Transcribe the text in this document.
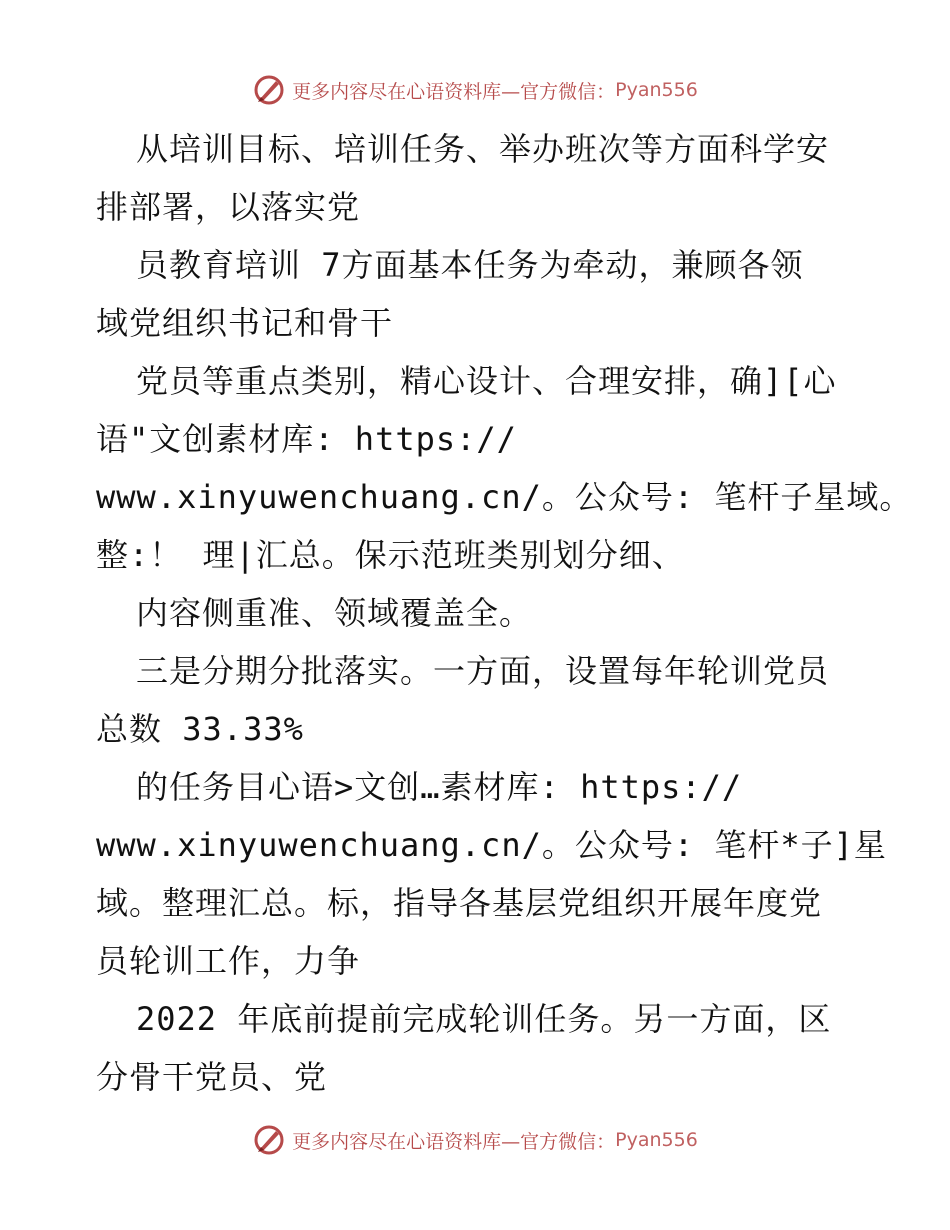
更多内容尽在心语资料库—官方微信： Pyan556
从培训目标、培训任务、举办班次等方面科学安
排部署，以落实党
员教育培训 7方面基本任务为牵动，兼顾各领
域党组织书记和骨干
党员等重点类别，精心设计、合理安排，确][心
语"文创素材库: https://
www.xinyuwenchuang.cn/。公众号: 笔杆子星域。
整:！ 理|汇总。保示范班类别划分细、
内容侧重准、领域覆盖全。
三是分期分批落实。一方面，设置每年轮训党员
总数 33.33%
的任务目心语>文创…素材库: https://
www.xinyuwenchuang.cn/。公众号: 笔杆*子]星
域。整理汇总。标，指导各基层党组织开展年度党
员轮训工作，力争
2022 年底前提前完成轮训任务。另一方面，区
分骨干党员、党
更多内容尽在心语资料库—官方微信： Pyan556
